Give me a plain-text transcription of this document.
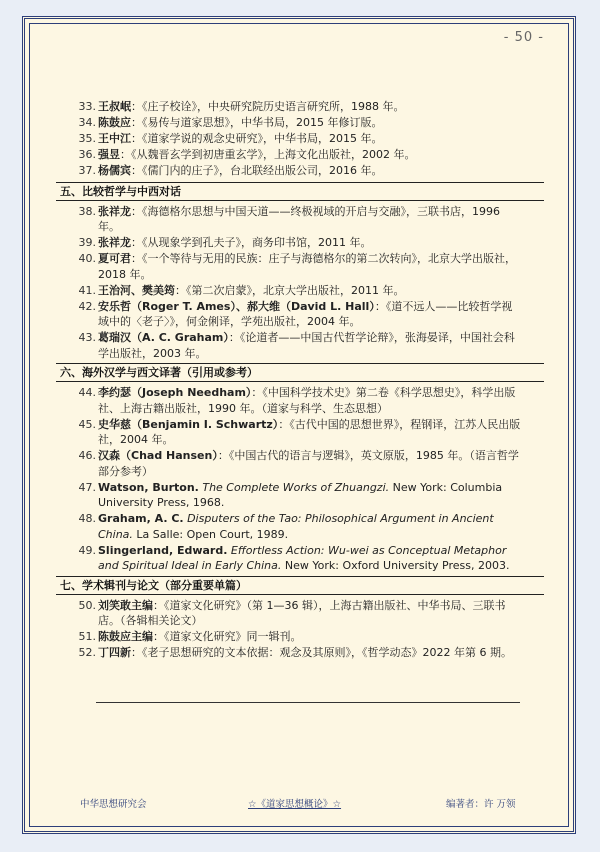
- 50 -
33. 王叔岷：《庄子校诠》，中央研究院历史语言研究所，1988 年。
34. 陈鼓应：《易传与道家思想》，中华书局，2015 年修订版。
35. 王中江：《道家学说的观念史研究》，中华书局，2015 年。
36. 强昱：《从魏晋玄学到初唐重玄学》，上海文化出版社，2002 年。
37. 杨儒宾：《儒门内的庄子》，台北联经出版公司，2016 年。
五、比较哲学与中西对话
38. 张祥龙：《海德格尔思想与中国天道——终极视域的开启与交融》，三联书店，1996 年。
39. 张祥龙：《从现象学到孔夫子》，商务印书馆，2011 年。
40. 夏可君：《一个等待与无用的民族：庄子与海德格尔的第二次转向》，北京大学出版社，2018 年。
41. 王治河、樊美筠：《第二次启蒙》，北京大学出版社，2011 年。
42. 安乐哲（Roger T. Ames）、郝大维（David L. Hall）：《道不远人——比较哲学视域中的〈老子〉》，何金俐译，学苑出版社，2004 年。
43. 葛瑞汉（A. C. Graham）：《论道者——中国古代哲学论辩》，张海晏译，中国社会科学出版社，2003 年。
六、海外汉学与西文译著（引用或参考）
44. 李约瑟（Joseph Needham）：《中国科学技术史》第二卷《科学思想史》，科学出版社、上海古籍出版社，1990 年。（道家与科学、生态思想）
45. 史华慈（Benjamin I. Schwartz）：《古代中国的思想世界》，程钢译，江苏人民出版社，2004 年。
46. 汉森（Chad Hansen）：《中国古代的语言与逻辑》，英文原版，1985 年。（语言哲学部分参考）
47. Watson, Burton. The Complete Works of Zhuangzi. New York: Columbia University Press, 1968.
48. Graham, A. C. Disputers of the Tao: Philosophical Argument in Ancient China. La Salle: Open Court, 1989.
49. Slingerland, Edward. Effortless Action: Wu-wei as Conceptual Metaphor and Spiritual Ideal in Early China. New York: Oxford University Press, 2003.
七、学术辑刊与论文（部分重要单篇）
50. 刘笑敢主编：《道家文化研究》（第 1—36 辑），上海古籍出版社、中华书局、三联书店。（各辑相关论文）
51. 陈鼓应主编：《道家文化研究》同一辑刊。
52. 丁四新：《老子思想研究的文本依据：观念及其原则》，《哲学动态》2022 年第 6 期。
中华思想研究会	☆《道家思想概论》☆	编著者：许 万领
